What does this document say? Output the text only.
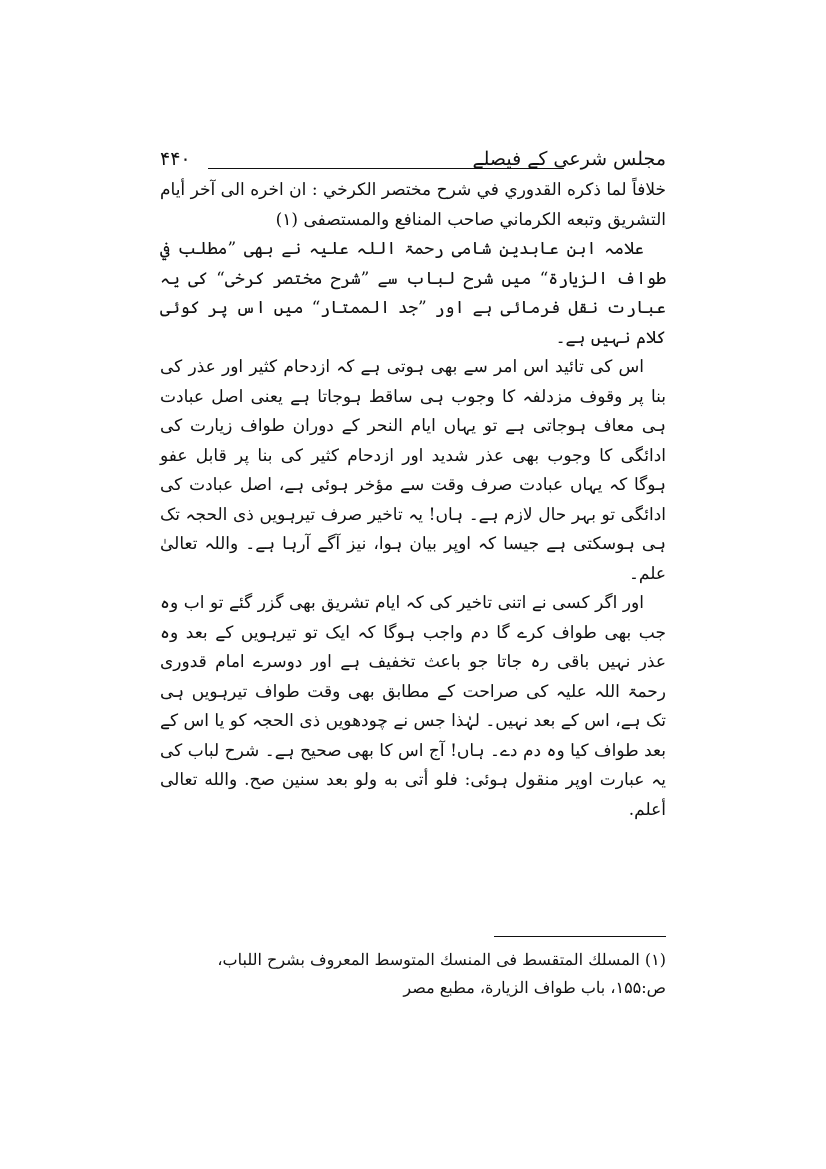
مجلس شرعی کے فیصلے
۴۴۰

خلافاً لما ذكره القدوري في شرح مختصر الكرخي : ان اخره الى آخر أيام التشريق وتبعه الكرماني صاحب المنافع والمستصفى (۱)

علامہ ابن عابدین شامی رحمۃ اللہ علیہ نے بھی ”مطلب في طواف الزيارة“ میں شرح لباب سے ”شرح مختصر کرخی“ کی یہ عبارت نقل فرمائی ہے اور ”جد الممتار“ میں اس پر کوئی کلام نہیں ہے۔

اس کی تائید اس امر سے بھی ہوتی ہے کہ ازدحام کثیر اور عذر کی بنا پر وقوف مزدلفہ کا وجوب ہی ساقط ہوجاتا ہے یعنی اصل عبادت ہی معاف ہوجاتی ہے تو یہاں ایام النحر کے دوران طواف زیارت کی ادائگی کا وجوب بھی عذر شدید اور ازدحام کثیر کی بنا پر قابل عفو ہوگا کہ یہاں عبادت صرف وقت سے مؤخر ہوئی ہے، اصل عبادت کی ادائگی تو بہر حال لازم ہے۔ ہاں! یہ تاخیر صرف تیرہویں ذی الحجہ تک ہی ہوسکتی ہے جیسا کہ اوپر بیان ہوا، نیز آگے آرہا ہے۔ واللہ تعالیٰ علم۔

اور اگر کسی نے اتنی تاخیر کی کہ ایام تشریق بھی گزر گئے تو اب وہ جب بھی طواف کرے گا دم واجب ہوگا کہ ایک تو تیرہویں کے بعد وہ عذر نہیں باقی رہ جاتا جو باعث تخفیف ہے اور دوسرے امام قدوری رحمۃ اللہ علیہ کی صراحت کے مطابق بھی وقت طواف تیرہویں ہی تک ہے، اس کے بعد نہیں۔ لہٰذا جس نے چودھویں ذی الحجہ کو یا اس کے بعد طواف کیا وہ دم دے۔ ہاں! آج اس کا بھی صحیح ہے۔ شرح لباب کی یہ عبارت اوپر منقول ہوئی: فلو أتى به ولو بعد سنين صح. والله تعالى أعلم.

(۱) المسلك المتقسط فی المنسك المتوسط المعروف بشرح اللباب، ص:۱۵۵، باب طواف الزيارة، مطبع مصر
